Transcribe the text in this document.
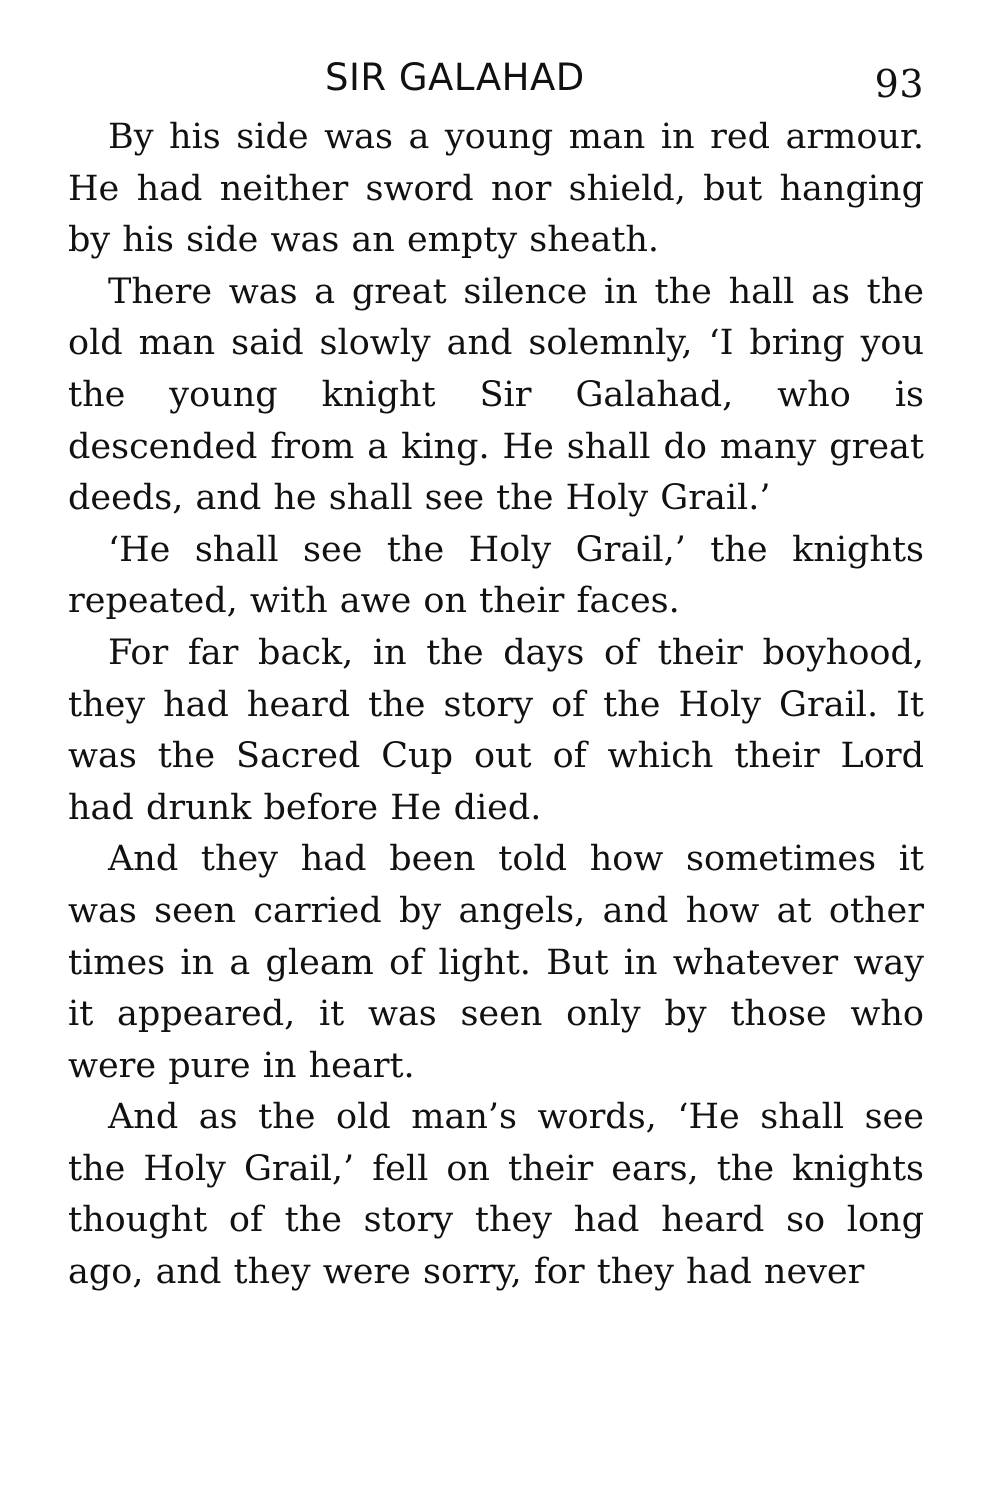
SIR GALAHAD	93

By his side was a young man in red armour. He had neither sword nor shield, but hanging by his side was an empty sheath.

There was a great silence in the hall as the old man said slowly and solemnly, ‘I bring you the young knight Sir Galahad, who is descended from a king. He shall do many great deeds, and he shall see the Holy Grail.’

‘He shall see the Holy Grail,’ the knights repeated, with awe on their faces.

For far back, in the days of their boyhood, they had heard the story of the Holy Grail. It was the Sacred Cup out of which their Lord had drunk before He died.

And they had been told how sometimes it was seen carried by angels, and how at other times in a gleam of light. But in whatever way it appeared, it was seen only by those who were pure in heart.

And as the old man’s words, ‘He shall see the Holy Grail,’ fell on their ears, the knights thought of the story they had heard so long ago, and they were sorry, for they had never
